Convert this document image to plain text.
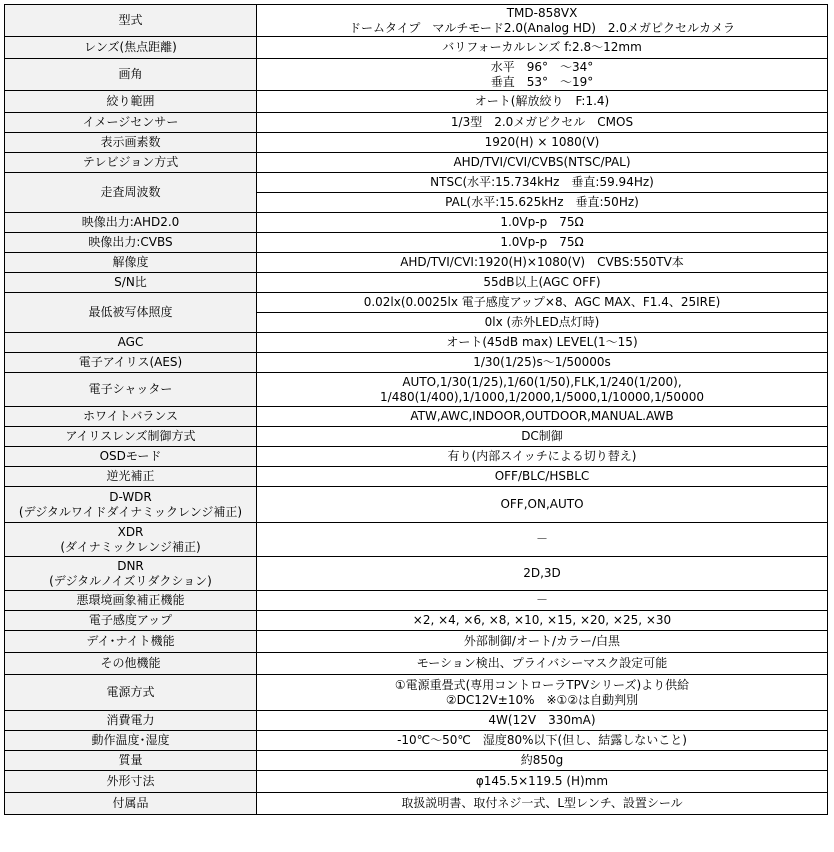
型式	TMD-858VX
ドームタイプ　マルチモード2.0(Analog HD)　2.0メガピクセルカメラ

レンズ(焦点距離)	バリフォーカルレンズ f:2.8～12mm

画角	水平　96°　～34°
垂直　53°　～19°

絞り範囲	オート(解放絞り　F:1.4)

イメージセンサー	1/3型　2.0メガピクセル　CMOS

表示画素数	1920(H) × 1080(V)

テレビジョン方式	AHD/TVI/CVI/CVBS(NTSC/PAL)

走査周波数	NTSC(水平:15.734kHz　垂直:59.94Hz)

	PAL(水平:15.625kHz　垂直:50Hz)

映像出力:AHD2.0	1.0Vp-p　75Ω

映像出力:CVBS	1.0Vp-p　75Ω

解像度	AHD/TVI/CVI:1920(H)×1080(V)　CVBS:550TV本

S/N比	55dB以上(AGC OFF)

最低被写体照度	0.02lx(0.0025lx 電子感度アップ×8、AGC MAX、F1.4、25IRE)

	0lx (赤外LED点灯時)

AGC	オート(45dB max) LEVEL(1～15)

電子アイリス(AES)	1/30(1/25)s～1/50000s

電子シャッター	AUTO,1/30(1/25),1/60(1/50),FLK,1/240(1/200),
1/480(1/400),1/1000,1/2000,1/5000,1/10000,1/50000

ホワイトバランス	ATW,AWC,INDOOR,OUTDOOR,MANUAL.AWB

アイリスレンズ制御方式	DC制御

OSDモード	有り(内部スイッチによる切り替え)

逆光補正	OFF/BLC/HSBLC

D-WDR
(デジタルワイドダイナミックレンジ補正)	OFF,ON,AUTO

XDR
(ダイナミックレンジ補正)	－

DNR
(デジタルノイズリダクション)	2D,3D

悪環境画象補正機能	－

電子感度アップ	×2, ×4, ×6, ×8, ×10, ×15, ×20, ×25, ×30

デイ･ナイト機能	外部制御/オート/カラー/白黒

その他機能	モーション検出、プライバシーマスク設定可能

電源方式	①電源重畳式(専用コントローラTPVシリーズ)より供給
②DC12V±10%　※①②は自動判別

消費電力	4W(12V　330mA)

動作温度･湿度	-10℃～50℃　湿度80%以下(但し、結露しないこと)

質量	約850g

外形寸法	φ145.5×119.5 (H)mm

付属品	取扱説明書、取付ネジ一式、L型レンチ、設置シール
